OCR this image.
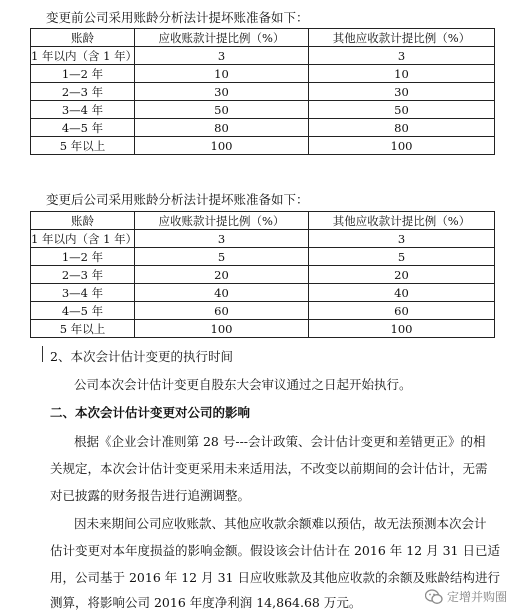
变更前公司采用账龄分析法计提坏账准备如下：
账龄	应收账款计提比例（%）	其他应收款计提比例（%）
1 年以内（含 1 年）	3	3
1—2 年	10	10
2—3 年	30	30
3—4 年	50	50
4—5 年	80	80
5 年以上	100	100
变更后公司采用账龄分析法计提坏账准备如下：
账龄	应收账款计提比例（%）	其他应收款计提比例（%）
1 年以内（含 1 年）	3	3
1—2 年	5	5
2—3 年	20	20
3—4 年	40	40
4—5 年	60	60
5 年以上	100	100
2、本次会计估计变更的执行时间
公司本次会计估计变更自股东大会审议通过之日起开始执行。
二、本次会计估计变更对公司的影响
根据《企业会计准则第 28 号---会计政策、会计估计变更和差错更正》的相
关规定，本次会计估计变更采用未来适用法，不改变以前期间的会计估计，无需
对已披露的财务报告进行追溯调整。
因未来期间公司应收账款、其他应收款余额难以预估，故无法预测本次会计
估计变更对本年度损益的影响金额。假设该会计估计在 2016 年 12 月 31 日已适
用，公司基于 2016 年 12 月 31 日应收账款及其他应收款的余额及账龄结构进行
测算，将影响公司 2016 年度净利润 14,864.68 万元。	定增并购圈
